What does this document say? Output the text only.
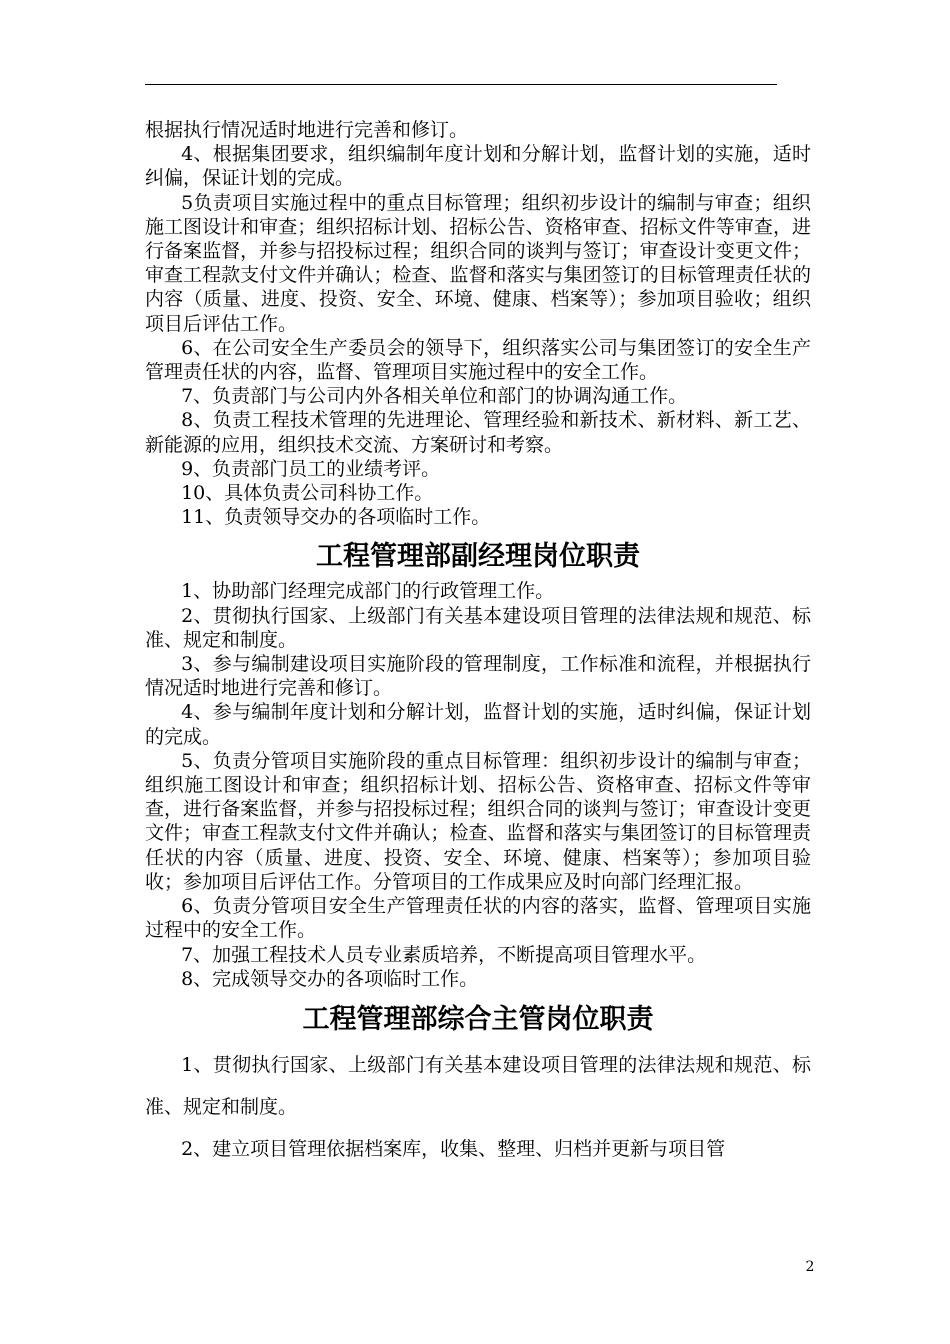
根据执行情况适时地进行完善和修订。

4、根据集团要求，组织编制年度计划和分解计划，监督计划的实施，适时纠偏，保证计划的完成。

5负责项目实施过程中的重点目标管理；组织初步设计的编制与审查；组织施工图设计和审查；组织招标计划、招标公告、资格审查、招标文件等审查，进行备案监督，并参与招投标过程；组织合同的谈判与签订；审查设计变更文件；审查工程款支付文件并确认；检查、监督和落实与集团签订的目标管理责任状的内容（质量、进度、投资、安全、环境、健康、档案等）；参加项目验收；组织项目后评估工作。

6、在公司安全生产委员会的领导下，组织落实公司与集团签订的安全生产管理责任状的内容，监督、管理项目实施过程中的安全工作。

7、负责部门与公司内外各相关单位和部门的协调沟通工作。

8、负责工程技术管理的先进理论、管理经验和新技术、新材料、新工艺、新能源的应用，组织技术交流、方案研讨和考察。

9、负责部门员工的业绩考评。

10、具体负责公司科协工作。

11、负责领导交办的各项临时工作。

工程管理部副经理岗位职责

1、协助部门经理完成部门的行政管理工作。

2、贯彻执行国家、上级部门有关基本建设项目管理的法律法规和规范、标准、规定和制度。

3、参与编制建设项目实施阶段的管理制度，工作标准和流程，并根据执行情况适时地进行完善和修订。

4、参与编制年度计划和分解计划，监督计划的实施，适时纠偏，保证计划的完成。

5、负责分管项目实施阶段的重点目标管理：组织初步设计的编制与审查；组织施工图设计和审查；组织招标计划、招标公告、资格审查、招标文件等审查，进行备案监督，并参与招投标过程；组织合同的谈判与签订；审查设计变更文件；审查工程款支付文件并确认；检查、监督和落实与集团签订的目标管理责任状的内容（质量、进度、投资、安全、环境、健康、档案等）；参加项目验收；参加项目后评估工作。分管项目的工作成果应及时向部门经理汇报。

6、负责分管项目安全生产管理责任状的内容的落实，监督、管理项目实施过程中的安全工作。

7、加强工程技术人员专业素质培养，不断提高项目管理水平。

8、完成领导交办的各项临时工作。

工程管理部综合主管岗位职责

1、贯彻执行国家、上级部门有关基本建设项目管理的法律法规和规范、标准、规定和制度。

2、建立项目管理依据档案库，收集、整理、归档并更新与项目管

2
